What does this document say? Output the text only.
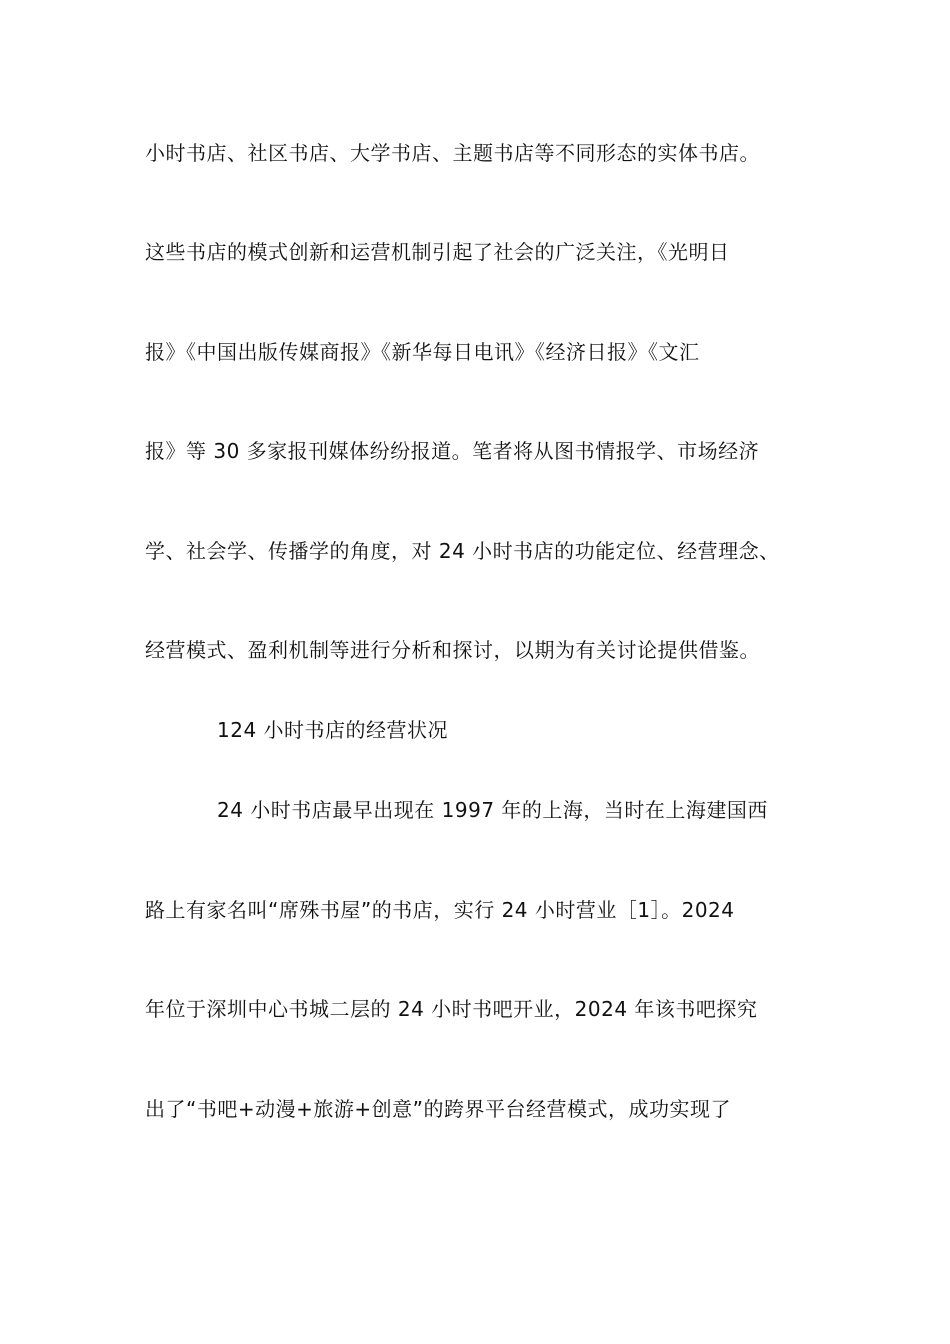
小时书店、社区书店、大学书店、主题书店等不同形态的实体书店。
这些书店的模式创新和运营机制引起了社会的广泛关注，《光明日
报》《中国出版传媒商报》《新华每日电讯》《经济日报》《文汇
报》等 30 多家报刊媒体纷纷报道。笔者将从图书情报学、市场经济
学、社会学、传播学的角度，对 24 小时书店的功能定位、经营理念、
经营模式、盈利机制等进行分析和探讨，以期为有关讨论提供借鉴。
124 小时书店的经营状况
24 小时书店最早出现在 1997 年的上海，当时在上海建国西
路上有家名叫“席殊书屋”的书店，实行 24 小时营业［1］。2024
年位于深圳中心书城二层的 24 小时书吧开业，2024 年该书吧探究
出了“书吧+动漫+旅游+创意”的跨界平台经营模式，成功实现了
